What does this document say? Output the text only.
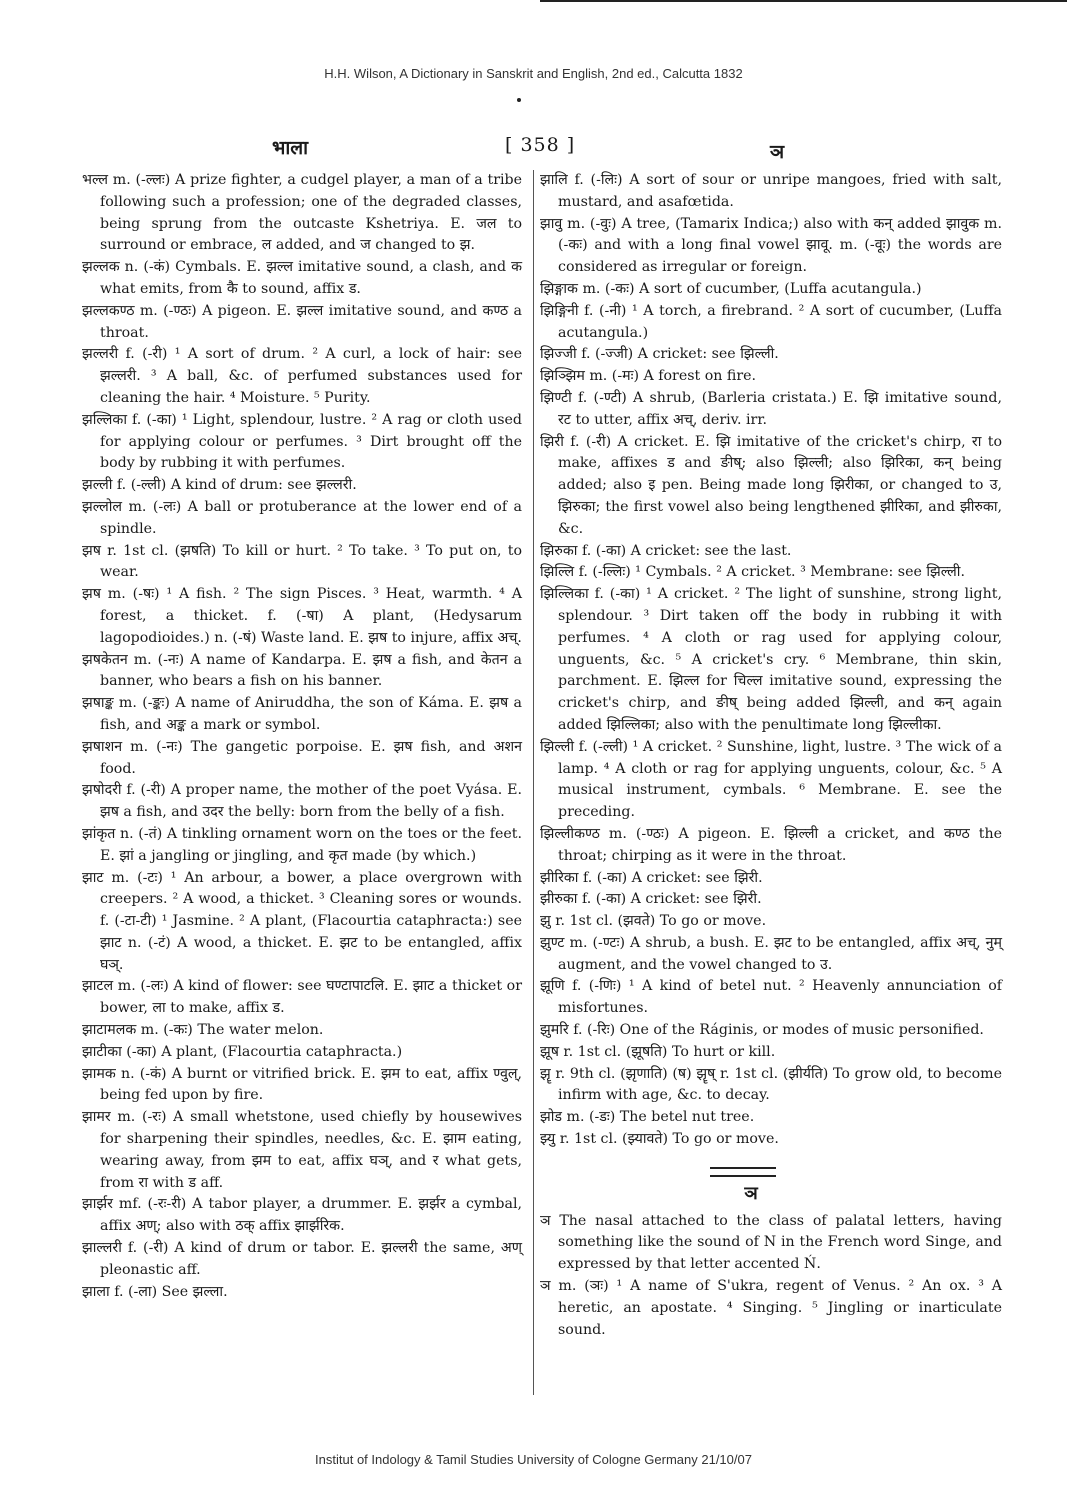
H.H. Wilson, A Dictionary in Sanskrit and English, 2nd ed., Calcutta 1832
भाला	[ 358 ]	ञ

भल्ल m. (-ल्लः) A prize fighter, a cudgel player, a man of a tribe following such a profession; one of the degraded classes, being sprung from the outcaste Kshetriya. E. जल to surround or embrace, ल added, and ज changed to झ.

झल्लक n. (-कं) Cymbals. E. झल्ल imitative sound, a clash, and क what emits, from कै to sound, affix ड.

झल्लकण्ठ m. (-ण्ठः) A pigeon. E. झल्ल imitative sound, and कण्ठ a throat.

झल्लरी f. (-री) ¹ A sort of drum. ² A curl, a lock of hair: see झल्लरी. ³ A ball, &c. of perfumed substances used for cleaning the hair. ⁴ Moisture. ⁵ Purity.

झल्लिका f. (-का) ¹ Light, splendour, lustre. ² A rag or cloth used for applying colour or perfumes. ³ Dirt brought off the body by rubbing it with perfumes.

झल्ली f. (-ल्ली) A kind of drum: see झल्लरी.

झल्लोल m. (-लः) A ball or protuberance at the lower end of a spindle.

झष r. 1st cl. (झषति) To kill or hurt. ² To take. ³ To put on, to wear.

झष m. (-षः) ¹ A fish. ² The sign Pisces. ³ Heat, warmth. ⁴ A forest, a thicket. f. (-षा) A plant, (Hedysarum lagopodioides.) n. (-षं) Waste land. E. झष to injure, affix अच्.

झषकेतन m. (-नः) A name of Kandarpa. E. झष a fish, and केतन a banner, who bears a fish on his banner.

झषाङ्क m. (-ङ्कः) A name of Aniruddha, the son of Káma. E. झष a fish, and अङ्क a mark or symbol.

झषाशन m. (-नः) The gangetic porpoise. E. झष fish, and अशन food.

झषोदरी f. (-री) A proper name, the mother of the poet Vyása. E. झष a fish, and उदर the belly: born from the belly of a fish.

झांकृत n. (-तं) A tinkling ornament worn on the toes or the feet. E. झां a jangling or jingling, and कृत made (by which.)

झाट m. (-टः) ¹ An arbour, a bower, a place overgrown with creepers. ² A wood, a thicket. ³ Cleaning sores or wounds. f. (-टा-टी) ¹ Jasmine. ² A plant, (Flacourtia cataphracta:) see झाट n. (-टं) A wood, a thicket. E. झट to be entangled, affix घञ्.

झाटल m. (-लः) A kind of flower: see घण्टापाटलि. E. झाट a thicket or bower, ला to make, affix ड.

झाटामलक m. (-कः) The water melon.

झाटीका (-का) A plant, (Flacourtia cataphracta.)

झामक n. (-कं) A burnt or vitrified brick. E. झम to eat, affix ण्वुल्, being fed upon by fire.

झामर m. (-रः) A small whetstone, used chiefly by housewives for sharpening their spindles, needles, &c. E. झाम eating, wearing away, from झम to eat, affix घञ्, and र what gets, from रा with ड aff.

झार्झर mf. (-रः-री) A tabor player, a drummer. E. झर्झर a cymbal, affix अण्; also with ठक् affix झार्झरिक.

झाल्लरी f. (-री) A kind of drum or tabor. E. झल्लरी the same, अण् pleonastic aff.

झाला f. (-ला) See झल्ला.

झालि f. (-लिः) A sort of sour or unripe mangoes, fried with salt, mustard, and asafœtida.

झावु m. (-वुः) A tree, (Tamarix Indica;) also with कन् added झावुक m. (-कः) and with a long final vowel झावू. m. (-वूः) the words are considered as irregular or foreign.

झिङ्गाक m. (-कः) A sort of cucumber, (Luffa acutangula.)

झिङ्गिनी f. (-नी) ¹ A torch, a firebrand. ² A sort of cucumber, (Luffa acutangula.)

झिज्जी f. (-ज्जी) A cricket: see झिल्ली.

झिञ्झिम m. (-मः) A forest on fire.

झिण्टी f. (-ण्टी) A shrub, (Barleria cristata.) E. झि imitative sound, रट to utter, affix अच्, deriv. irr.

झिरी f. (-री) A cricket. E. झि imitative of the cricket's chirp, रा to make, affixes ड and ङीष्; also झिल्ली; also झिरिका, कन् being added; also इ pen. Being made long झिरीका, or changed to उ, झिरुका; the first vowel also being lengthened झीरिका, and झीरुका, &c.

झिरुका f. (-का) A cricket: see the last.

झिल्लि f. (-ल्लिः) ¹ Cymbals. ² A cricket. ³ Membrane: see झिल्ली.

झिल्लिका f. (-का) ¹ A cricket. ² The light of sunshine, strong light, splendour. ³ Dirt taken off the body in rubbing it with perfumes. ⁴ A cloth or rag used for applying colour, unguents, &c. ⁵ A cricket's cry. ⁶ Membrane, thin skin, parchment. E. झिल्ल for चिल्ल imitative sound, expressing the cricket's chirp, and ङीष् being added झिल्ली, and कन् again added झिल्लिका; also with the penultimate long झिल्लीका.

झिल्ली f. (-ल्ली) ¹ A cricket. ² Sunshine, light, lustre. ³ The wick of a lamp. ⁴ A cloth or rag for applying unguents, colour, &c. ⁵ A musical instrument, cymbals. ⁶ Membrane. E. see the preceding.

झिल्लीकण्ठ m. (-ण्ठः) A pigeon. E. झिल्ली a cricket, and कण्ठ the throat; chirping as it were in the throat.

झीरिका f. (-का) A cricket: see झिरी.

झीरुका f. (-का) A cricket: see झिरी.

झु r. 1st cl. (झवते) To go or move.

झुण्ट m. (-ण्टः) A shrub, a bush. E. झट to be entangled, affix अच्, नुम् augment, and the vowel changed to उ.

झूणि f. (-णिः) ¹ A kind of betel nut. ² Heavenly annunciation of misfortunes.

झुमरि f. (-रिः) One of the Ráginis, or modes of music personified.

झूष r. 1st cl. (झूषति) To hurt or kill.

झॄ r. 9th cl. (झृणाति) (ष) झॄष् r. 1st cl. (झीर्यति) To grow old, to become infirm with age, &c. to decay.

झोड m. (-डः) The betel nut tree.

झ्यु r. 1st cl. (झ्यावते) To go or move.

ञ

ञ The nasal attached to the class of palatal letters, having something like the sound of N in the French word Singe, and expressed by that letter accented Ń.

ञ m. (ञः) ¹ A name of S'ukra, regent of Venus. ² An ox. ³ A heretic, an apostate. ⁴ Singing. ⁵ Jingling or inarticulate sound.

Institut of Indology & Tamil Studies University of Cologne Germany 21/10/07
